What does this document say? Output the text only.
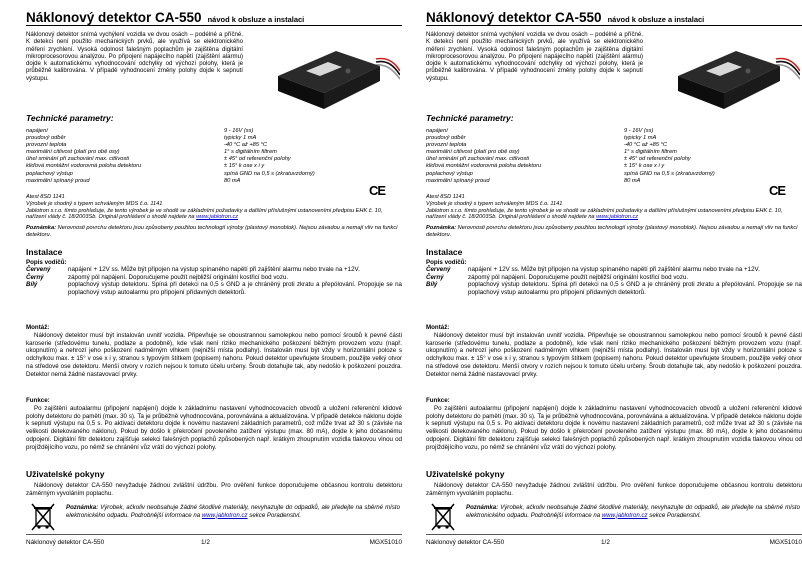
Náklonový detektor CA-550 návod k obsluze a instalaci
Náklonový detektor snímá vychýlení vozidla ve dvou osách – podélné a příčné. K detekci není použito mechanických prvků, ale využívá se elektronického měření zrychlení. Vysoká odolnost falešným poplachům je zajištěna digitální mikroprocesorovou analýzou. Po připojení napájecího napětí (zajištění alarmu) dojde k automatickému vyhodnocování odchylky od výchozí polohy, která je průběžně kalibrována. V případě vyhodnocení změny polohy dojde k sepnutí výstupu.
Technické parametry:
napájení	9 - 16V (ss)
proudový odběr	typicky 1 mA
provozní teplota	-40 °C až +85 °C
maximální citlivost (platí pro obě osy)	1° s digitálním filtrem
úhel sminání při zachování max. citlivosti	± 45° od referenční polohy
kliďová montážní vodorovná poloha detektoru	± 15° k ose x i y
poplachový výstup	spíná GND na 0,5 s (zkratuvzdorný)
maximální spínaný proud	80 mA
CE
Atest 8SD 1141
Výrobek je shodný s typem schváleným MDS č.o. 1141
Jablotron s.r.o. tímto prohlašuje, že tento výrobek je ve shodě se základními požadavky a dalšími příslušnými ustanoveními předpisu EHK č. 10, nařízení vlády č. 18/2003Sb. Originál prohlášení o shodě najdete na www.jablotron.cz
Poznámka: Nerovnosti povrchu detektoru jsou způsobeny použitou technologií výroby (plastový monoblok). Nejsou závadou a nemají vliv na funkci detektoru.
Instalace
Popis vodičů:
Červený	napájení + 12V ss. Může být připojen na výstup spínaného napětí při zajištění alarmu nebo trvale na +12V.
Černý	zápomý pól napájení. Doporučujeme použít nejbližší originální kostřicí bod vozu.
Bílý	poplachový výstup detektoru. Spíná při detekci na 0,5 s GND a je chráněný proti zkratu a přepólování. Propojuje se na poplachový vstup autoalarmu pro připojení přídavných detektorů.
Montáž:
Náklonový detektor musí být instalován uvnitř vozidla. Připevňuje se oboustrannou samolepkou nebo pomocí šroubů k pevné části karoserie (středovému tunelu, podlaze a podobně), kde však není riziko mechanického poškození běžným provozem vozu (např. ukopnutím) a nehrozí jeho poškození nadměrným vlhkem (nejnižší místa podlahy). Instalován musí být vždy v horizontální poloze s odchylkou max. ± 15° v ose x i y, stranou s typovým štítkem (popisem) nahoru. Pokud detektor upevňujete šroubem, použijte velký otvor na středové ose detektoru. Menší otvory v rozích nejsou k tomuto účelu určeny. Šroub dotahujte tak, aby nedošlo k poškození pouzdra. Detektor nemá žádné nastavovací prvky.
Funkce:
Po zajištění autoalarmu (připojení napájení) dojde k základnímu nastavení vyhodnocovacích obvodů a uložení referenční klidové polohy detektoru do paměti (max. 30 s). Ta je průběžně vyhodnocována, porovnávána a aktualizována. V případě detekce náklonu dojde k sepnutí výstupu na 0,5 s. Po aktivaci detektoru dojde k novému nastavení základních parametrů, což může trvat až 30 s (závisle na velikosti detekovaného náklonu). Pokud by došlo k překročení povoleného zatížení výstupu (max. 80 mA), dojde k jeho dočasnému odpojení. Digitální filtr detektoru zajišťuje selekci falešných poplachů způsobených např. krátkým zhoupnutím vozidla tlakovou vlnou od projíždějícího vozu, po němž se chránění vůz vrátí do výchozí polohy.
Uživatelské pokyny
Náklonový detektor CA-550 nevyžaduje žádnou zvláštní údržbu. Pro ověření funkce doporučujeme občasnou kontrolu detektoru záměrným vyvoláním poplachu.
Poznámka: Výrobek, ačkoliv neobsahuje žádné škodlivé materiály, nevyhazujte do odpadků, ale předejte na sběrné místo elektronického odpadu. Podrobnější informace na www.jablotron.cz sekce Poradenství.
Náklonový detektor CA-550	1/2	MGX51010
Náklonový detektor CA-550 návod k obsluze a instalaci
Náklonový detektor snímá vychýlení vozidla ve dvou osách – podélné a příčné. K detekci není použito mechanických prvků, ale využívá se elektronického měření zrychlení. Vysoká odolnost falešným poplachům je zajištěna digitální mikroprocesorovou analýzou. Po připojení napájecího napětí (zajištění alarmu) dojde k automatickému vyhodnocování odchylky od výchozí polohy, která je průběžně kalibrována. V případě vyhodnocení změny polohy dojde k sepnutí výstupu.
Technické parametry:
napájení	9 - 16V (ss)
proudový odběr	typicky 1 mA
provozní teplota	-40 °C až +85 °C
maximální citlivost (platí pro obě osy)	1° s digitálním filtrem
úhel sminání při zachování max. citlivosti	± 45° od referenční polohy
kliďová montážní vodorovná poloha detektoru	± 15° k ose x i y
poplachový výstup	spíná GND na 0,5 s (zkratuvzdorný)
maximální spínaný proud	80 mA
CE
Atest 8SD 1141
Výrobek je shodný s typem schváleným MDS č.o. 1141
Jablotron s.r.o. tímto prohlašuje, že tento výrobek je ve shodě se základními požadavky a dalšími příslušnými ustanoveními předpisu EHK č. 10, nařízení vlády č. 18/2003Sb. Originál prohlášení o shodě najdete na www.jablotron.cz
Poznámka: Nerovnosti povrchu detektoru jsou způsobeny použitou technologií výroby (plastový monoblok). Nejsou závadou a nemají vliv na funkci detektoru.
Instalace
Popis vodičů:
Červený	napájení + 12V ss. Může být připojen na výstup spínaného napětí při zajištění alarmu nebo trvale na +12V.
Černý	zápomý pól napájení. Doporučujeme použít nejbližší originální kostřicí bod vozu.
Bílý	poplachový výstup detektoru. Spíná při detekci na 0,5 s GND a je chráněný proti zkratu a přepólování. Propojuje se na poplachový vstup autoalarmu pro připojení přídavných detektorů.
Montáž:
Náklonový detektor musí být instalován uvnitř vozidla. Připevňuje se oboustrannou samolepkou nebo pomocí šroubů k pevné části karoserie (středovému tunelu, podlaze a podobně), kde však není riziko mechanického poškození běžným provozem vozu (např. ukopnutím) a nehrozí jeho poškození nadměrným vlhkem (nejnižší místa podlahy). Instalován musí být vždy v horizontální poloze s odchylkou max. ± 15° v ose x i y, stranou s typovým štítkem (popisem) nahoru. Pokud detektor upevňujete šroubem, použijte velký otvor na středové ose detektoru. Menší otvory v rozích nejsou k tomuto účelu určeny. Šroub dotahujte tak, aby nedošlo k poškození pouzdra. Detektor nemá žádné nastavovací prvky.
Funkce:
Po zajištění autoalarmu (připojení napájení) dojde k základnímu nastavení vyhodnocovacích obvodů a uložení referenční klidové polohy detektoru do paměti (max. 30 s). Ta je průběžně vyhodnocována, porovnávána a aktualizována. V případě detekce náklonu dojde k sepnutí výstupu na 0,5 s. Po aktivaci detektoru dojde k novému nastavení základních parametrů, což může trvat až 30 s (závisle na velikosti detekovaného náklonu). Pokud by došlo k překročení povoleného zatížení výstupu (max. 80 mA), dojde k jeho dočasnému odpojení. Digitální filtr detektoru zajišťuje selekci falešných poplachů způsobených např. krátkým zhoupnutím vozidla tlakovou vlnou od projíždějícího vozu, po němž se chránění vůz vrátí do výchozí polohy.
Uživatelské pokyny
Náklonový detektor CA-550 nevyžaduje žádnou zvláštní údržbu. Pro ověření funkce doporučujeme občasnou kontrolu detektoru záměrným vyvoláním poplachu.
Poznámka: Výrobek, ačkoliv neobsahuje žádné škodlivé materiály, nevyhazujte do odpadků, ale předejte na sběrné místo elektronického odpadu. Podrobnější informace na www.jablotron.cz sekce Poradenství.
Náklonový detektor CA-550	1/2	MGX51010
